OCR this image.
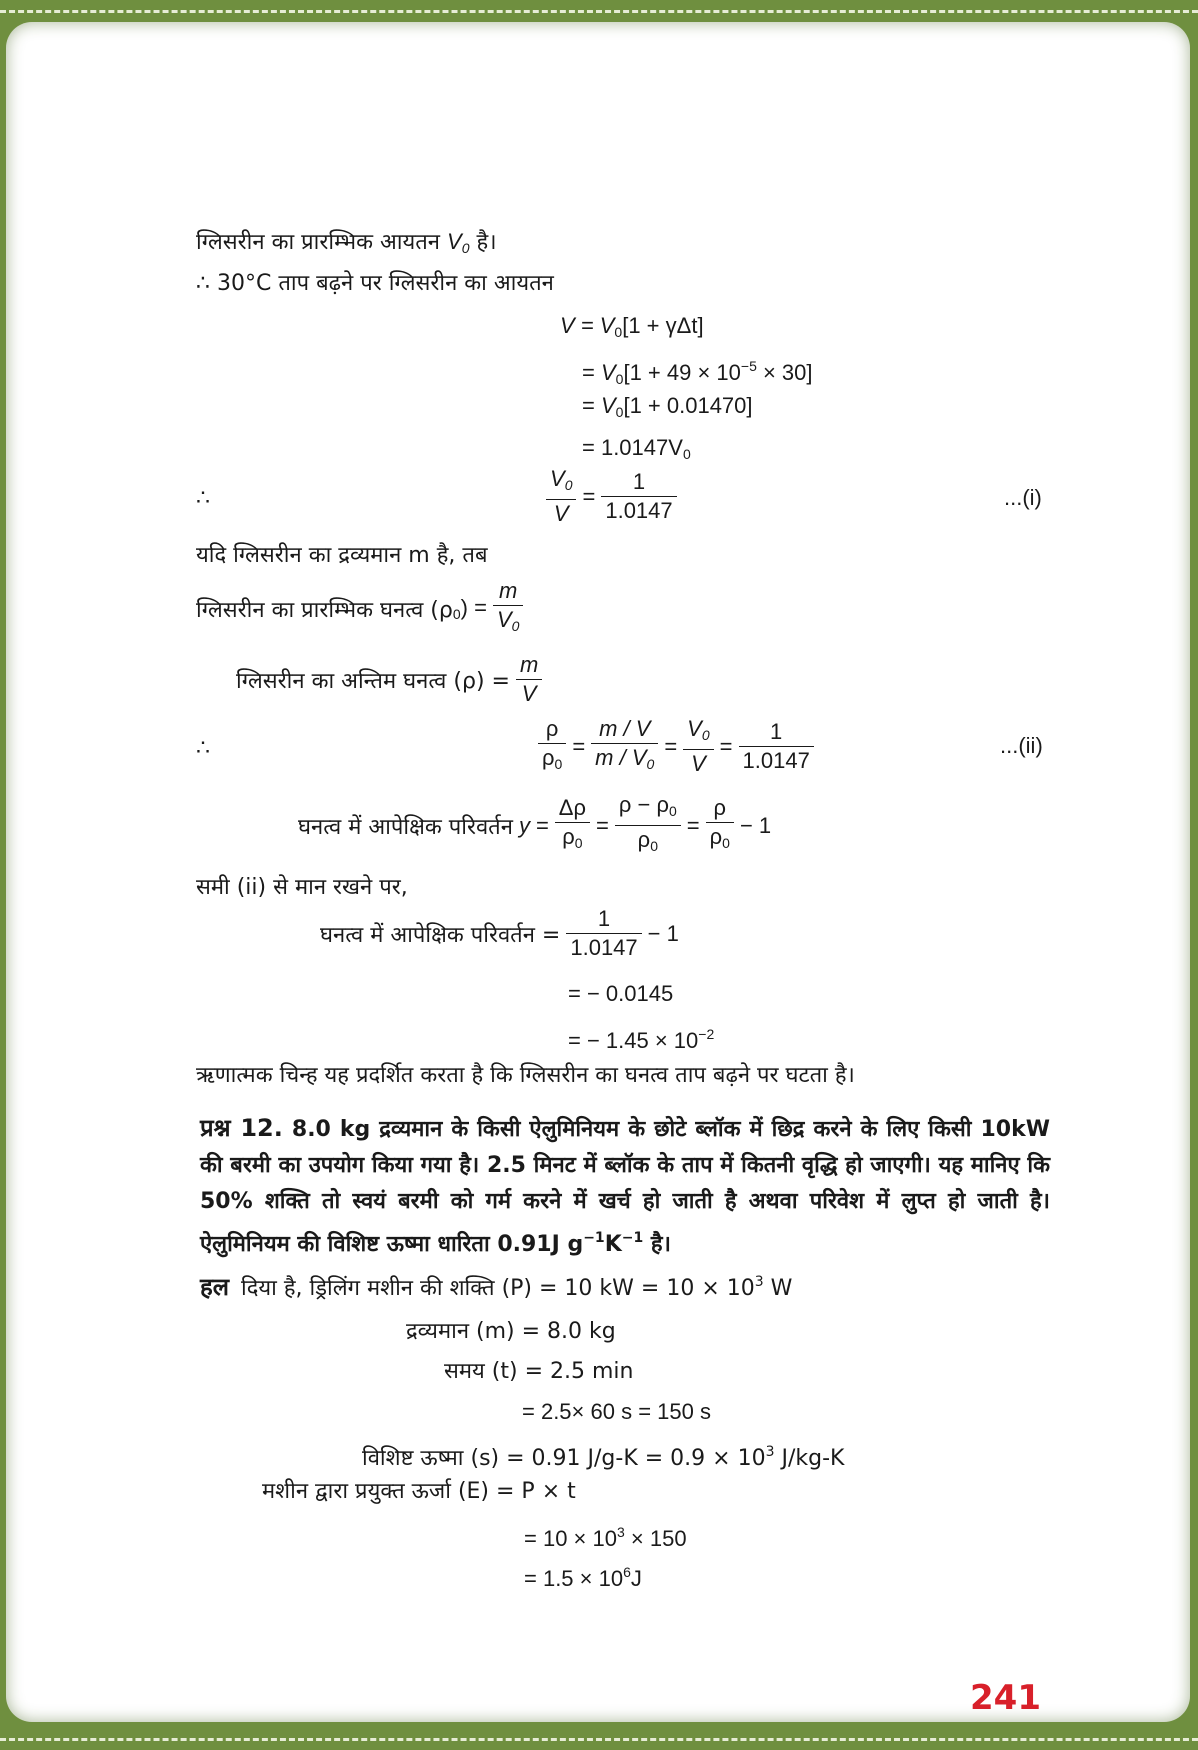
ग्लिसरीन का प्रारम्भिक आयतन $V_0$ है।
∴ 30°C ताप बढ़ने पर ग्लिसरीन का आयतन
$V = V_0[1 + \gamma\Delta t]$
= $V_0[1 + 49 \times 10^{-5} \times 30]$
= $V_0[1 + 0.01470]$
= $1.0147V_0$
∴	$\frac{V_0}{V} = \frac{1}{1.0147}$	...(i)
यदि ग्लिसरीन का द्रव्यमान m है, तब
ग्लिसरीन का प्रारम्भिक घनत्व (ρ $_0) = \frac{m}{V_0}$
ग्लिसरीन का अन्तिम घनत्व $(\rho) = \frac{m}{V}$
∴	$\frac{\rho}{\rho_0} = \frac{m / V}{m / V_0} = \frac{V_0}{V} = \frac{1}{1.0147}$	...(ii)
घनत्व में आपेक्षिक परिवर्तन $y = \frac{\Delta\rho}{\rho_0} = \frac{\rho - \rho_0}{\rho_0} = \frac{\rho}{\rho_0} - 1$
समी (ii) से मान रखने पर,
घनत्व में आपेक्षिक परिवर्तन = $\frac{1}{1.0147} - 1$
= − 0.0145
= − $1.45 \times 10^{-2}$
ऋणात्मक चिन्ह यह प्रदर्शित करता है कि ग्लिसरीन का घनत्व ताप बढ़ने पर घटता है।
प्रश्न 12. 8.0 kg द्रव्यमान के किसी ऐलुमिनियम के छोटे ब्लॉक में छिद्र करने के लिए किसी 10kW की बरमी का उपयोग किया गया है। 2.5 मिनट में ब्लॉक के ताप में कितनी वृद्धि हो जाएगी। यह मानिए कि 50% शक्ति तो स्वयं बरमी को गर्म करने में खर्च हो जाती है अथवा परिवेश में लुप्त हो जाती है। ऐलुमिनियम की विशिष्ट ऊष्मा धारिता 0.91J $g^{-1}K^{-1}$ है।
हल दिया है, ड्रिलिंग मशीन की शक्ति (P) = 10 kW = $10 \times 10^3$ W
द्रव्यमान (m) = 8.0 kg
समय (t) = 2.5 min
= 2.5× 60 s = 150 s
विशिष्ट ऊष्मा (s) = 0.91 $J/g-K = 0.9 \times 10^3$ J/kg-K
मशीन द्वारा प्रयुक्त ऊर्जा (E) = P × t
= $10 \times 10^3 \times 150$
= $1.5 \times 10^6J$
241
